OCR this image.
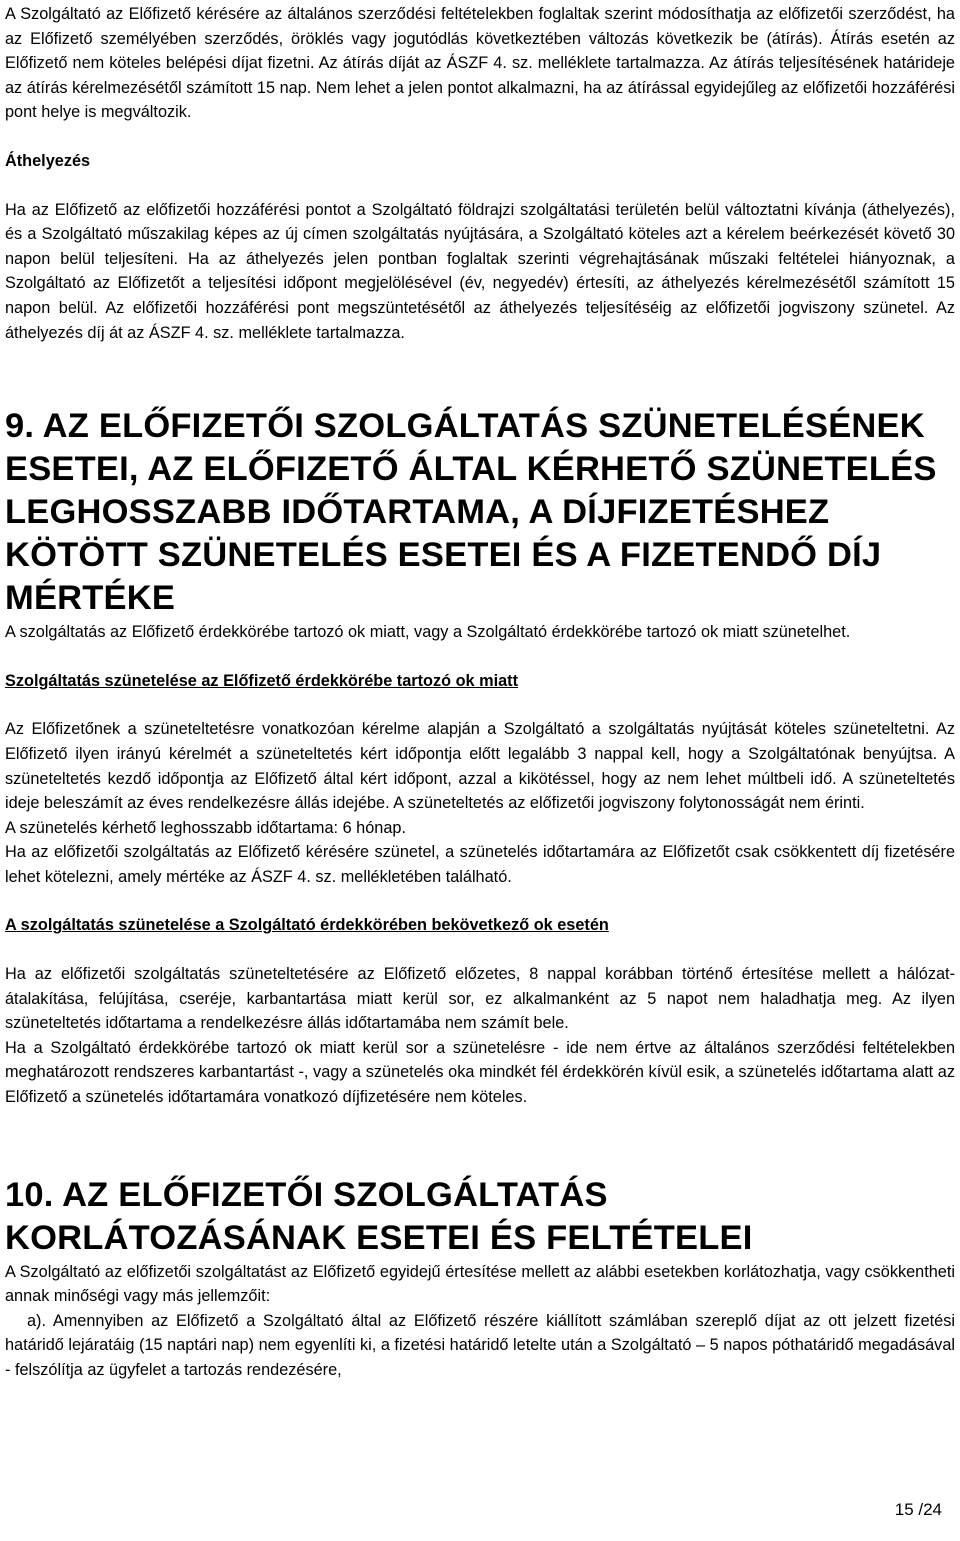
A Szolgáltató az Előfizető kérésére az általános szerződési feltételekben foglaltak szerint módosíthatja az előfizetői szerződést, ha az Előfizető személyében szerződés, öröklés vagy jogutódlás következtében változás következik be (átírás). Átírás esetén az Előfizető nem köteles belépési díjat fizetni. Az átírás díját az ÁSZF 4. sz. melléklete tartalmazza. Az átírás teljesítésének határideje az átírás kérelmezésétől számított 15 nap. Nem lehet a jelen pontot alkalmazni, ha az átírással egyidejűleg az előfizetői hozzáférési pont helye is megváltozik.

Áthelyezés

Ha az Előfizető az előfizetői hozzáférési pontot a Szolgáltató földrajzi szolgáltatási területén belül változtatni kívánja (áthelyezés), és a Szolgáltató műszakilag képes az új címen szolgáltatás nyújtására, a Szolgáltató köteles azt a kérelem beérkezését követő 30 napon belül teljesíteni. Ha az áthelyezés jelen pontban foglaltak szerinti végrehajtásának műszaki feltételei hiányoznak, a Szolgáltató az Előfizetőt a teljesítési időpont megjelölésével (év, negyedév) értesíti, az áthelyezés kérelmezésétől számított 15 napon belül. Az előfizetői hozzáférési pont megszüntetésétől az áthelyezés teljesítéséig az előfizetői jogviszony szünetel. Az áthelyezés díj át az ÁSZF 4. sz. melléklete tartalmazza.

9. AZ ELŐFIZETŐI SZOLGÁLTATÁS SZÜNETELÉSÉNEK ESETEI, AZ ELŐFIZETŐ ÁLTAL KÉRHETŐ SZÜNETELÉS LEGHOSSZABB IDŐTARTAMA, A DÍJFIZETÉSHEZ KÖTÖTT SZÜNETELÉS ESETEI ÉS A FIZETENDŐ DÍJ MÉRTÉKE

A szolgáltatás az Előfizető érdekkörébe tartozó ok miatt, vagy a Szolgáltató érdekkörébe tartozó ok miatt szünetelhet.

Szolgáltatás szünetelése az Előfizető érdekkörébe tartozó ok miatt

Az Előfizetőnek a szüneteltetésre vonatkozóan kérelme alapján a Szolgáltató a szolgáltatás nyújtását köteles szüneteltetni. Az Előfizető ilyen irányú kérelmét a szüneteltetés kért időpontja előtt legalább 3 nappal kell, hogy a Szolgáltatónak benyújtsa. A szüneteltetés kezdő időpontja az Előfizető által kért időpont, azzal a kikötéssel, hogy az nem lehet múltbeli idő. A szüneteltetés ideje beleszámít az éves rendelkezésre állás idejébe. A szüneteltetés az előfizetői jogviszony folytonosságát nem érinti.

A szünetelés kérhető leghosszabb időtartama: 6 hónap.

Ha az előfizetői szolgáltatás az Előfizető kérésére szünetel, a szünetelés időtartamára az Előfizetőt csak csökkentett díj fizetésére lehet kötelezni, amely mértéke az ÁSZF 4. sz. mellékletében található.

A szolgáltatás szünetelése a Szolgáltató érdekkörében bekövetkező ok esetén

Ha az előfizetői szolgáltatás szüneteltetésére az Előfizető előzetes, 8 nappal korábban történő értesítése mellett a hálózat-átalakítása, felújítása, cseréje, karbantartása miatt kerül sor, ez alkalmanként az 5 napot nem haladhatja meg. Az ilyen szüneteltetés időtartama a rendelkezésre állás időtartamába nem számít bele.

Ha a Szolgáltató érdekkörébe tartozó ok miatt kerül sor a szünetelésre - ide nem értve az általános szerződési feltételekben meghatározott rendszeres karbantartást -, vagy a szünetelés oka mindkét fél érdekkörén kívül esik, a szünetelés időtartama alatt az Előfizető a szünetelés időtartamára vonatkozó díjfizetésére nem köteles.

10. AZ ELŐFIZETŐI SZOLGÁLTATÁS KORLÁTOZÁSÁNAK ESETEI ÉS FELTÉTELEI

A Szolgáltató az előfizetői szolgáltatást az Előfizető egyidejű értesítése mellett az alábbi esetekben korlátozhatja, vagy csökkentheti annak minőségi vagy más jellemzőit:

a). Amennyiben az Előfizető a Szolgáltató által az Előfizető részére kiállított számlában szereplő díjat az ott jelzett fizetési határidő lejáratáig (15 naptári nap) nem egyenlíti ki, a fizetési határidő letelte után a Szolgáltató – 5 napos póthatáridő megadásával - felszólítja az ügyfelet a tartozás rendezésére,

15 /24
